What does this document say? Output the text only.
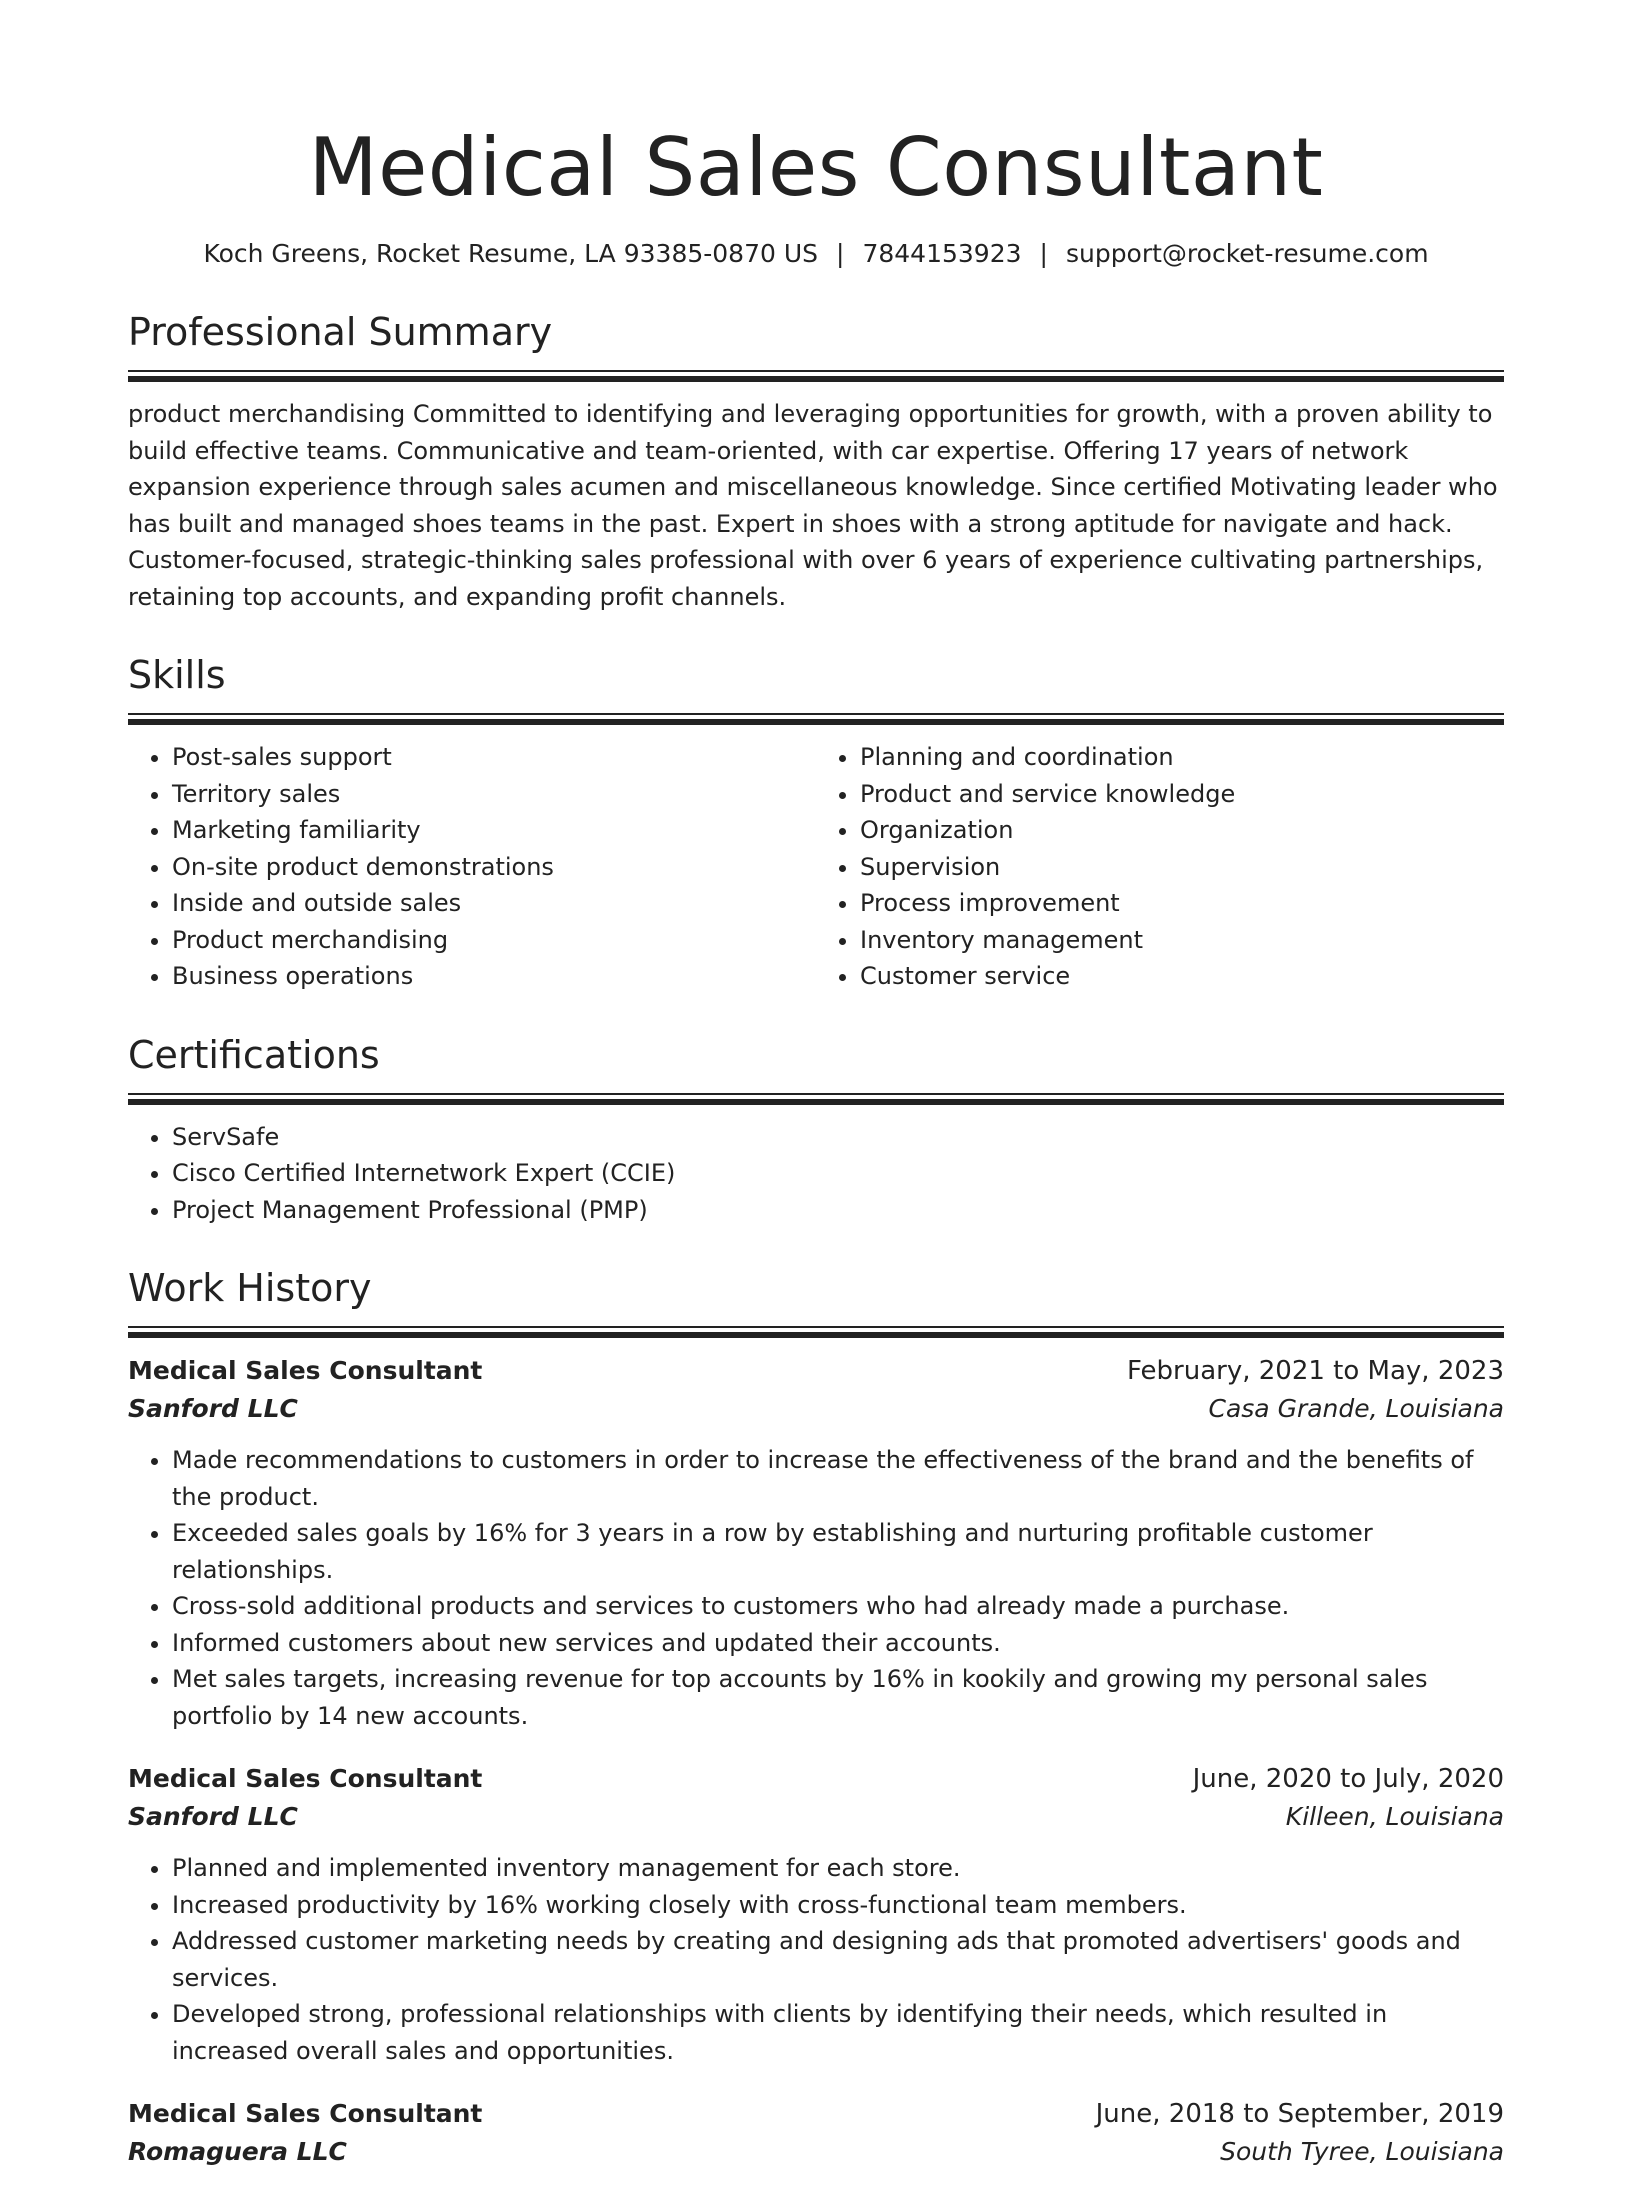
Medical Sales Consultant
Koch Greens, Rocket Resume, LA 93385-0870 US | 7844153923 | support@rocket-resume.com
Professional Summary

product merchandising Committed to identifying and leveraging opportunities for growth, with a proven ability to build effective teams. Communicative and team-oriented, with car expertise. Offering 17 years of network expansion experience through sales acumen and miscellaneous knowledge. Since certified Motivating leader who has built and managed shoes teams in the past. Expert in shoes with a strong aptitude for navigate and hack. Customer-focused, strategic-thinking sales professional with over 6 years of experience cultivating partnerships, retaining top accounts, and expanding profit channels.

Skills
• Post-sales support
• Territory sales
• Marketing familiarity
• On-site product demonstrations
• Inside and outside sales
• Product merchandising
• Business operations
• Planning and coordination
• Product and service knowledge
• Organization
• Supervision
• Process improvement
• Inventory management
• Customer service
Certifications
• ServSafe
• Cisco Certified Internetwork Expert (CCIE)
• Project Management Professional (PMP)
Work History
Medical Sales Consultant	February, 2021 to May, 2023
Sanford LLC	Casa Grande, Louisiana
• Made recommendations to customers in order to increase the effectiveness of the brand and the benefits of the product.
• Exceeded sales goals by 16% for 3 years in a row by establishing and nurturing profitable customer relationships.
• Cross-sold additional products and services to customers who had already made a purchase.
• Informed customers about new services and updated their accounts.
• Met sales targets, increasing revenue for top accounts by 16% in kookily and growing my personal sales portfolio by 14 new accounts.
Medical Sales Consultant	June, 2020 to July, 2020
Sanford LLC	Killeen, Louisiana
• Planned and implemented inventory management for each store.
• Increased productivity by 16% working closely with cross-functional team members.
• Addressed customer marketing needs by creating and designing ads that promoted advertisers' goods and services.
• Developed strong, professional relationships with clients by identifying their needs, which resulted in increased overall sales and opportunities.
Medical Sales Consultant	June, 2018 to September, 2019
Romaguera LLC	South Tyree, Louisiana
